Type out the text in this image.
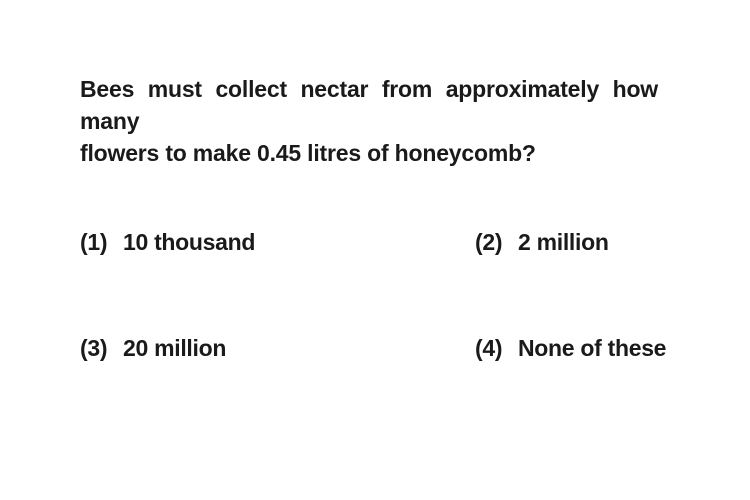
Bees must collect nectar from approximately how many
flowers to make 0.45 litres of honeycomb?
(1) 10 thousand	(2) 2 million
(3) 20 million	(4) None of these
